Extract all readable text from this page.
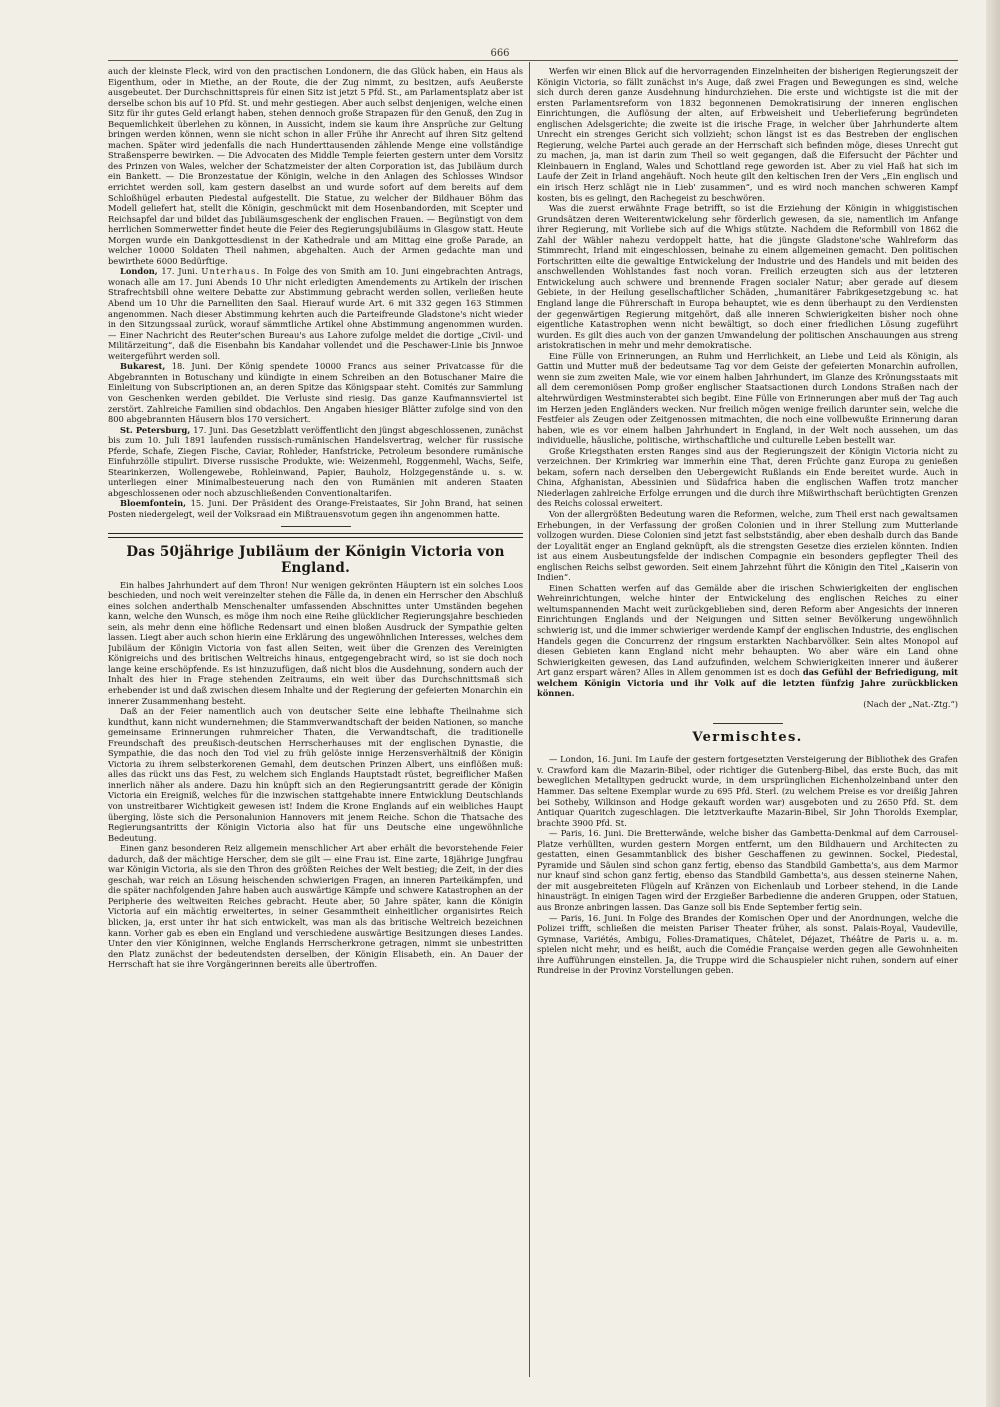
666

auch der kleinste Fleck, wird von den practischen Londonern, die das Glück haben, ein Haus als Eigenthum, oder in Miethe, an der Route, die der Zug nimmt, zu besitzen, aufs Aeußerste ausgebeutet. Der Durchschnittspreis für einen Sitz ist jetzt 5 Pfd. St., am Parlamentsplatz aber ist derselbe schon bis auf 10 Pfd. St. und mehr gestiegen. Aber auch selbst denjenigen, welche einen Sitz für ihr gutes Geld erlangt haben, stehen dennoch große Strapazen für den Genuß, den Zug in Bequemlichkeit überlehen zu können, in Aussicht, indem sie kaum ihre Ansprüche zur Geltung bringen werden können, wenn sie nicht schon in aller Frühe ihr Anrecht auf ihren Sitz geltend machen. Später wird jedenfalls die nach Hunderttausenden zählende Menge eine vollständige Straßensperre bewirken. — Die Advocaten des Middle Temple feierten gestern unter dem Vorsitz des Prinzen von Wales, welcher der Schatzmeister der alten Corporation ist, das Jubiläum durch ein Bankett. — Die Bronzestatue der Königin, welche in den Anlagen des Schlosses Windsor errichtet werden soll, kam gestern daselbst an und wurde sofort auf dem bereits auf dem Schloßhügel erbauten Piedestal aufgestellt. Die Statue, zu welcher der Bildhauer Böhm das Modell geliefert hat, stellt die Königin, geschmückt mit dem Hosenbandorden, mit Scepter und Reichsapfel dar und bildet das Jubiläumsgeschenk der englischen Frauen. — Begünstigt von dem herrlichen Sommerwetter findet heute die Feier des Regierungsjubiläums in Glasgow statt. Heute Morgen wurde ein Dankgottesdienst in der Kathedrale und am Mittag eine große Parade, an welcher 10000 Soldaten Theil nahmen, abgehalten. Auch der Armen gedachte man und bewirthete 6000 Bedürftige.

London, 17. Juni. Unterhaus. In Folge des von Smith am 10. Juni eingebrachten Antrags, wonach alle am 17. Juni Abends 10 Uhr nicht erledigten Amendements zu Artikeln der irischen Strafrechtsbill ohne weitere Debatte zur Abstimmung gebracht werden sollen, verließen heute Abend um 10 Uhr die Parnelliten den Saal. Hierauf wurde Art. 6 mit 332 gegen 163 Stimmen angenommen. Nach dieser Abstimmung kehrten auch die Parteifreunde Gladstone's nicht wieder in den Sitzungssaal zurück, worauf sämmtliche Artikel ohne Abstimmung angenommen wurden. — Einer Nachricht des Reuter'schen Bureau's aus Lahore zufolge meldet die dortige „Civil- und Militärzeitung“, daß die Eisenbahn bis Kandahar vollendet und die Peschawer-Linie bis Jnnwoe weitergeführt werden soll.

Bukarest, 18. Juni. Der König spendete 10000 Francs aus seiner Privatcasse für die Abgebrannten in Botuschany und kündigte in einem Schreiben an den Botuschaner Maire die Einleitung von Subscriptionen an, an deren Spitze das Königspaar steht. Comités zur Sammlung von Geschenken werden gebildet. Die Verluste sind riesig. Das ganze Kaufmannsviertel ist zerstört. Zahlreiche Familien sind obdachlos. Den Angaben hiesiger Blätter zufolge sind von den 800 abgebrannten Häusern blos 170 versichert.

St. Petersburg, 17. Juni. Das Gesetzblatt veröffentlicht den jüngst abgeschlossenen, zunächst bis zum 10. Juli 1891 laufenden russisch-rumänischen Handelsvertrag, welcher für russische Pferde, Schafe, Ziegen Fische, Caviar, Rohleder, Hanfstricke, Petroleum besondere rumänische Einfuhrzölle stipulirt. Diverse russische Produkte, wie: Weizenmehl, Roggenmehl, Wachs, Seife, Stearinkerzen, Wollengewebe, Rohleinwand, Papier, Bauholz, Holzgegenstände u. s. w. unterliegen einer Minimalbesteuerung nach den von Rumänien mit anderen Staaten abgeschlossenen oder noch abzuschließenden Conventionaltarifen.

Bloemfontein, 15. Juni. Der Präsident des Orange-Freistaates, Sir John Brand, hat seinen Posten niedergelegt, weil der Volksraad ein Mißtrauensvotum gegen ihn angenommen hatte.

Das 50jährige Jubiläum der Königin Victoria von England.

Ein halbes Jahrhundert auf dem Thron! Nur wenigen gekrönten Häuptern ist ein solches Loos beschieden, und noch weit vereinzelter stehen die Fälle da, in denen ein Herrscher den Abschluß eines solchen anderthalb Menschenalter umfassenden Abschnittes unter Umständen begehen kann, welche den Wunsch, es möge ihm noch eine Reihe glücklicher Regierungsjahre beschieden sein, als mehr denn eine höfliche Redensart und einen bloßen Ausdruck der Sympathie gelten lassen. Liegt aber auch schon hierin eine Erklärung des ungewöhnlichen Interesses, welches dem Jubiläum der Königin Victoria von fast allen Seiten, weit über die Grenzen des Vereinigten Königreichs und des britischen Weltreichs hinaus, entgegengebracht wird, so ist sie doch noch lange keine erschöpfende. Es ist hinzuzufügen, daß nicht blos die Ausdehnung, sondern auch der Inhalt des hier in Frage stehenden Zeitraums, ein weit über das Durchschnittsmaß sich erhebender ist und daß zwischen diesem Inhalte und der Regierung der gefeierten Monarchin ein innerer Zusammenhang besteht.

Daß an der Feier namentlich auch von deutscher Seite eine lebhafte Theilnahme sich kundthut, kann nicht wundernehmen; die Stammverwandtschaft der beiden Nationen, so manche gemeinsame Erinnerungen ruhmreicher Thaten, die Verwandtschaft, die traditionelle Freundschaft des preußisch-deutschen Herrscherhauses mit der englischen Dynastie, die Sympathie, die das noch den Tod viel zu früh gelöste innige Herzensverhältniß der Königin Victoria zu ihrem selbsterkorenen Gemahl, dem deutschen Prinzen Albert, uns einflößen muß: alles das rückt uns das Fest, zu welchem sich Englands Hauptstadt rüstet, begreiflicher Maßen innerlich näher als andere. Dazu hin knüpft sich an den Regierungsantritt gerade der Königin Victoria ein Ereigniß, welches für die inzwischen stattgehabte innere Entwicklung Deutschlands von unstreitbarer Wichtigkeit gewesen ist! Indem die Krone Englands auf ein weibliches Haupt überging, löste sich die Personalunion Hannovers mit jenem Reiche. Schon die Thatsache des Regierungsantritts der Königin Victoria also hat für uns Deutsche eine ungewöhnliche Bedeutung.

Einen ganz besonderen Reiz allgemein menschlicher Art aber erhält die bevorstehende Feier dadurch, daß der mächtige Herscher, dem sie gilt — eine Frau ist. Eine zarte, 18jährige Jungfrau war Königin Victoria, als sie den Thron des größten Reiches der Welt bestieg; die Zeit, in der dies geschah, war reich an Lösung heischenden schwierigen Fragen, an inneren Parteikämpfen, und die später nachfolgenden Jahre haben auch auswärtige Kämpfe und schwere Katastrophen an der Peripherie des weltweiten Reiches gebracht. Heute aber, 50 Jahre später, kann die Königin Victoria auf ein mächtig erweitertes, in seiner Gesammtheit einheitlicher organisirtes Reich blicken, ja, erst unter ihr hat sich entwickelt, was man als das britische Weltreich bezeichnen kann. Vorher gab es eben ein England und verschiedene auswärtige Besitzungen dieses Landes. Unter den vier Königinnen, welche Englands Herrscherkrone getragen, nimmt sie unbestritten den Platz zunächst der bedeutendsten derselben, der Königin Elisabeth, ein. An Dauer der Herrschaft hat sie ihre Vorgängerinnen bereits alle übertroffen.

Werfen wir einen Blick auf die hervorragenden Einzelnheiten der bisherigen Regierungszeit der Königin Victoria, so fällt zunächst in's Auge, daß zwei Fragen und Bewegungen es sind, welche sich durch deren ganze Ausdehnung hindurchziehen. Die erste und wichtigste ist die mit der ersten Parlamentsreform von 1832 begonnenen Demokratisirung der inneren englischen Einrichtungen, die Auflösung der alten, auf Erbweisheit und Ueberlieferung begründeten englischen Adelsgerichte; die zweite ist die irische Frage, in welcher über Jahrhunderte altem Unrecht ein strenges Gericht sich vollzieht; schon längst ist es das Bestreben der englischen Regierung, welche Partei auch gerade an der Herrschaft sich befinden möge, dieses Unrecht gut zu machen, ja, man ist darin zum Theil so weit gegangen, daß die Eifersucht der Pächter und Kleinbauern in England, Wales und Schottland rege geworden ist. Aber zu viel Haß hat sich im Laufe der Zeit in Irland angehäuft. Noch heute gilt den keltischen Iren der Vers „Ein englisch und ein irisch Herz schlägt nie in Lieb' zusammen“, und es wird noch manchen schweren Kampf kosten, bis es gelingt, den Rachegeist zu beschwören.

Was die zuerst erwähnte Frage betrifft, so ist die Erziehung der Königin in whiggistischen Grundsätzen deren Weiterentwickelung sehr förderlich gewesen, da sie, namentlich im Anfange ihrer Regierung, mit Vorliebe sich auf die Whigs stützte. Nachdem die Reformbill von 1862 die Zahl der Wähler nahezu verdoppelt hatte, hat die jüngste Gladstone'sche Wahlreform das Stimmrecht, Irland mit eingeschlossen, beinahe zu einem allgemeinen gemacht. Den politischen Fortschritten eilte die gewaltige Entwickelung der Industrie und des Handels und mit beiden des anschwellenden Wohlstandes fast noch voran. Freilich erzeugten sich aus der letzteren Entwickelung auch schwere und brennende Fragen socialer Natur; aber gerade auf diesem Gebiete, in der Heilung gesellschaftlicher Schäden, „humanitärer Fabrikgesetzgebung ꝛc. hat England lange die Führerschaft in Europa behauptet, wie es denn überhaupt zu den Verdiensten der gegenwärtigen Regierung mitgehört, daß alle inneren Schwierigkeiten bisher noch ohne eigentliche Katastrophen wenn nicht bewältigt, so doch einer friedlichen Lösung zugeführt wurden. Es gilt dies auch von der ganzen Umwandelung der politischen Anschauungen aus streng aristokratischen in mehr und mehr demokratische.

Eine Fülle von Erinnerungen, an Ruhm und Herrlichkeit, an Liebe und Leid als Königin, als Gattin und Mutter muß der bedeutsame Tag vor dem Geiste der gefeierten Monarchin aufrollen, wenn sie zum zweiten Male, wie vor einem halben Jahrhundert, im Glanze des Krönungsstaats mit all dem ceremoniösen Pomp großer englischer Staatsactionen durch Londons Straßen nach der altehrwürdigen Westminsterabtei sich begibt. Eine Fülle von Erinnerungen aber muß der Tag auch im Herzen jeden Engländers wecken. Nur freilich mögen wenige freilich darunter sein, welche die Festfeier als Zeugen oder Zeitgenossen mitmachten, die noch eine vollbewußte Erinnerung daran haben, wie es vor einem halben Jahrhundert in England, in der Welt noch aussehen, um das individuelle, häusliche, politische, wirthschaftliche und culturelle Leben bestellt war.

Große Kriegsthaten ersten Ranges sind aus der Regierungszeit der Königin Victoria nicht zu verzeichnen. Der Krimkrieg war immerhin eine That, deren Früchte ganz Europa zu genießen bekam, sofern nach derselben den Uebergewicht Rußlands ein Ende bereitet wurde. Auch in China, Afghanistan, Abessinien und Südafrica haben die englischen Waffen trotz mancher Niederlagen zahlreiche Erfolge errungen und die durch ihre Mißwirthschaft berüchtigten Grenzen des Reichs colossal erweitert.

Von der allergrößten Bedeutung waren die Reformen, welche, zum Theil erst nach gewaltsamen Erhebungen, in der Verfassung der großen Colonien und in ihrer Stellung zum Mutterlande vollzogen wurden. Diese Colonien sind jetzt fast selbstständig, aber eben deshalb durch das Bande der Loyalität enger an England geknüpft, als die strengsten Gesetze dies erzielen könnten. Indien ist aus einem Ausbeutungsfelde der indischen Compagnie ein besonders gepflegter Theil des englischen Reichs selbst geworden. Seit einem Jahrzehnt führt die Königin den Titel „Kaiserin von Indien“.

Einen Schatten werfen auf das Gemälde aber die irischen Schwierigkeiten der englischen Wehreinrichtungen, welche hinter der Entwickelung des englischen Reiches zu einer weltumspannenden Macht weit zurückgeblieben sind, deren Reform aber Angesichts der inneren Einrichtungen Englands und der Neigungen und Sitten seiner Bevölkerung ungewöhnlich schwierig ist, und die immer schwieriger werdende Kampf der englischen Industrie, des englischen Handels gegen die Concurrenz der ringsum erstarkten Nachbarvölker. Sein altes Monopol auf diesen Gebieten kann England nicht mehr behaupten. Wo aber wäre ein Land ohne Schwierigkeiten gewesen, das Land aufzufinden, welchem Schwierigkeiten innerer und äußerer Art ganz erspart wären? Alles in Allem genommen ist es doch das Gefühl der Befriedigung, mit welchem Königin Victoria und ihr Volk auf die letzten fünfzig Jahre zurückblicken können.

(Nach der „Nat.-Ztg.“)

Vermischtes.

— London, 16. Juni. Im Laufe der gestern fortgesetzten Versteigerung der Bibliothek des Grafen v. Crawford kam die Mazarin-Bibel, oder richtiger die Gutenberg-Bibel, das erste Buch, das mit beweglichen Metalltypen gedruckt wurde, in dem ursprünglichen Eichenholzeinband unter den Hammer. Das seltene Exemplar wurde zu 695 Pfd. Sterl. (zu welchem Preise es vor dreißig Jahren bei Sotheby, Wilkinson and Hodge gekauft worden war) ausgeboten und zu 2650 Pfd. St. dem Antiquar Quaritch zugeschlagen. Die letztverkaufte Mazarin-Bibel, Sir John Thorolds Exemplar, brachte 3900 Pfd. St.

— Paris, 16. Juni. Die Bretterwände, welche bisher das Gambetta-Denkmal auf dem Carrousel-Platze verhüllten, wurden gestern Morgen entfernt, um den Bildhauern und Architecten zu gestatten, einen Gesammtanblick des bisher Geschaffenen zu gewinnen. Sockel, Piedestal, Pyramide und Säulen sind schon ganz fertig, ebenso das Standbild Gambetta's, aus dem Marmor nur knauf sind schon ganz fertig, ebenso das Standbild Gambetta's, aus dessen steinerne Nahen, der mit ausgebreiteten Flügeln auf Kränzen von Eichenlaub und Lorbeer stehend, in die Lande hinausträgt. In einigen Tagen wird der Erzgießer Barbedienne die anderen Gruppen, oder Statuen, aus Bronze anbringen lassen. Das Ganze soll bis Ende September fertig sein.

— Paris, 16. Juni. In Folge des Brandes der Komischen Oper und der Anordnungen, welche die Polizei trifft, schließen die meisten Pariser Theater früher, als sonst. Palais-Royal, Vaudeville, Gymnase, Variétés, Ambigu, Folies-Dramatiques, Châtelet, Déjazet, Théâtre de Paris u. a. m. spielen nicht mehr, und es heißt, auch die Comédie Française werden gegen alle Gewohnheiten ihre Aufführungen einstellen. Ja, die Truppe wird die Schauspieler nicht ruhen, sondern auf einer Rundreise in der Provinz Vorstellungen geben.
